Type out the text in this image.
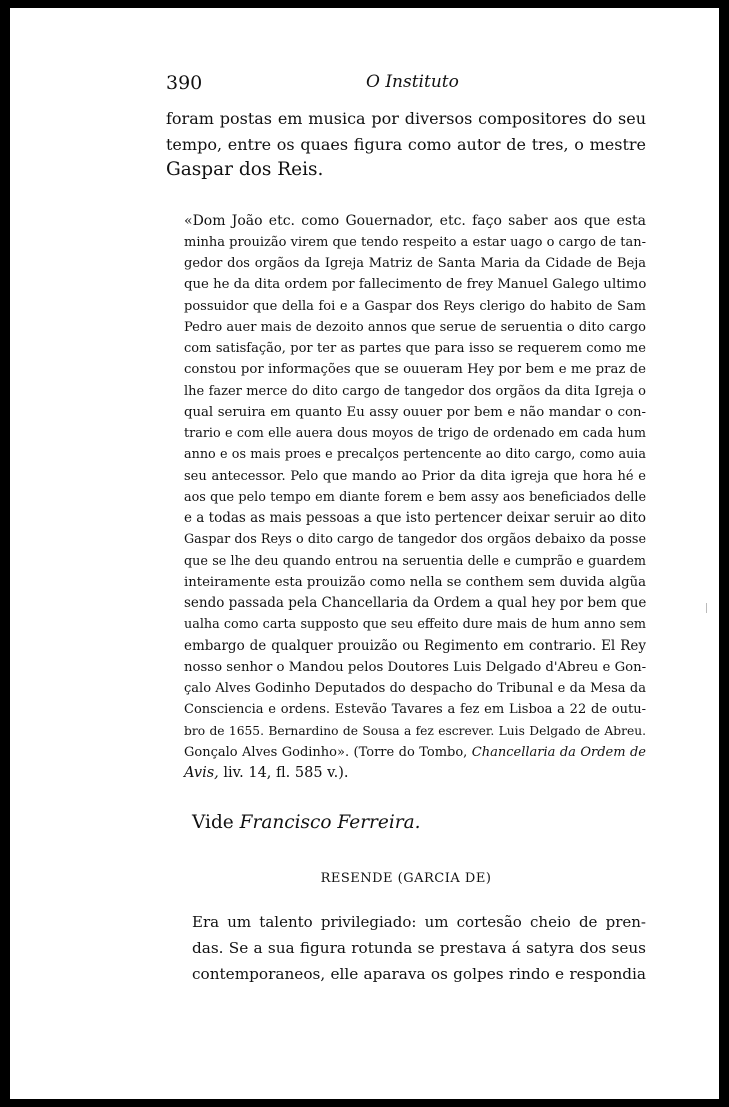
390	O Instituto

foram postas em musica por diversos compositores do seu
tempo, entre os quaes figura como autor de tres, o mestre
Gaspar dos Reis.

«Dom João etc. como Gouernador, etc. faço saber aos que esta
minha prouizão virem que tendo respeito a estar uago o cargo de tan-
gedor dos orgãos da Igreja Matriz de Santa Maria da Cidade de Beja
que he da dita ordem por fallecimento de frey Manuel Galego ultimo
possuidor que della foi e a Gaspar dos Reys clerigo do habito de Sam
Pedro auer mais de dezoito annos que serue de seruentia o dito cargo
com satisfação, por ter as partes que para isso se requerem como me
constou por informações que se ouueram Hey por bem e me praz de
lhe fazer merce do dito cargo de tangedor dos orgãos da dita Igreja o
qual seruira em quanto Eu assy ouuer por bem e não mandar o con-
trario e com elle auera dous moyos de trigo de ordenado em cada hum
anno e os mais proes e precalços pertencente ao dito cargo, como auia
seu antecessor. Pelo que mando ao Prior da dita igreja que hora hé e
aos que pelo tempo em diante forem e bem assy aos beneficiados delle
e a todas as mais pessoas a que isto pertencer deixar seruir ao dito
Gaspar dos Reys o dito cargo de tangedor dos orgãos debaixo da posse
que se lhe deu quando entrou na seruentia delle e cumprão e guardem
inteiramente esta prouizão como nella se conthem sem duvida algũa
sendo passada pela Chancellaria da Ordem a qual hey por bem que
ualha como carta supposto que seu effeito dure mais de hum anno sem
embargo de qualquer prouizão ou Regimento em contrario. El Rey
nosso senhor o Mandou pelos Doutores Luis Delgado d'Abreu e Gon-
çalo Alves Godinho Deputados do despacho do Tribunal e da Mesa da
Consciencia e ordens. Estevão Tavares a fez em Lisboa a 22 de outu-
bro de 1655. Bernardino de Sousa a fez escrever. Luis Delgado de Abreu.
Gonçalo Alves Godinho». (Torre do Tombo, Chancellaria da Ordem de
Avis, liv. 14, fl. 585 v.).

Vide Francisco Ferreira.

RESENDE (GARCIA DE)

Era um talento privilegiado: um cortesão cheio de pren-
das. Se a sua figura rotunda se prestava á satyra dos seus
contemporaneos, elle aparava os golpes rindo e respondia
